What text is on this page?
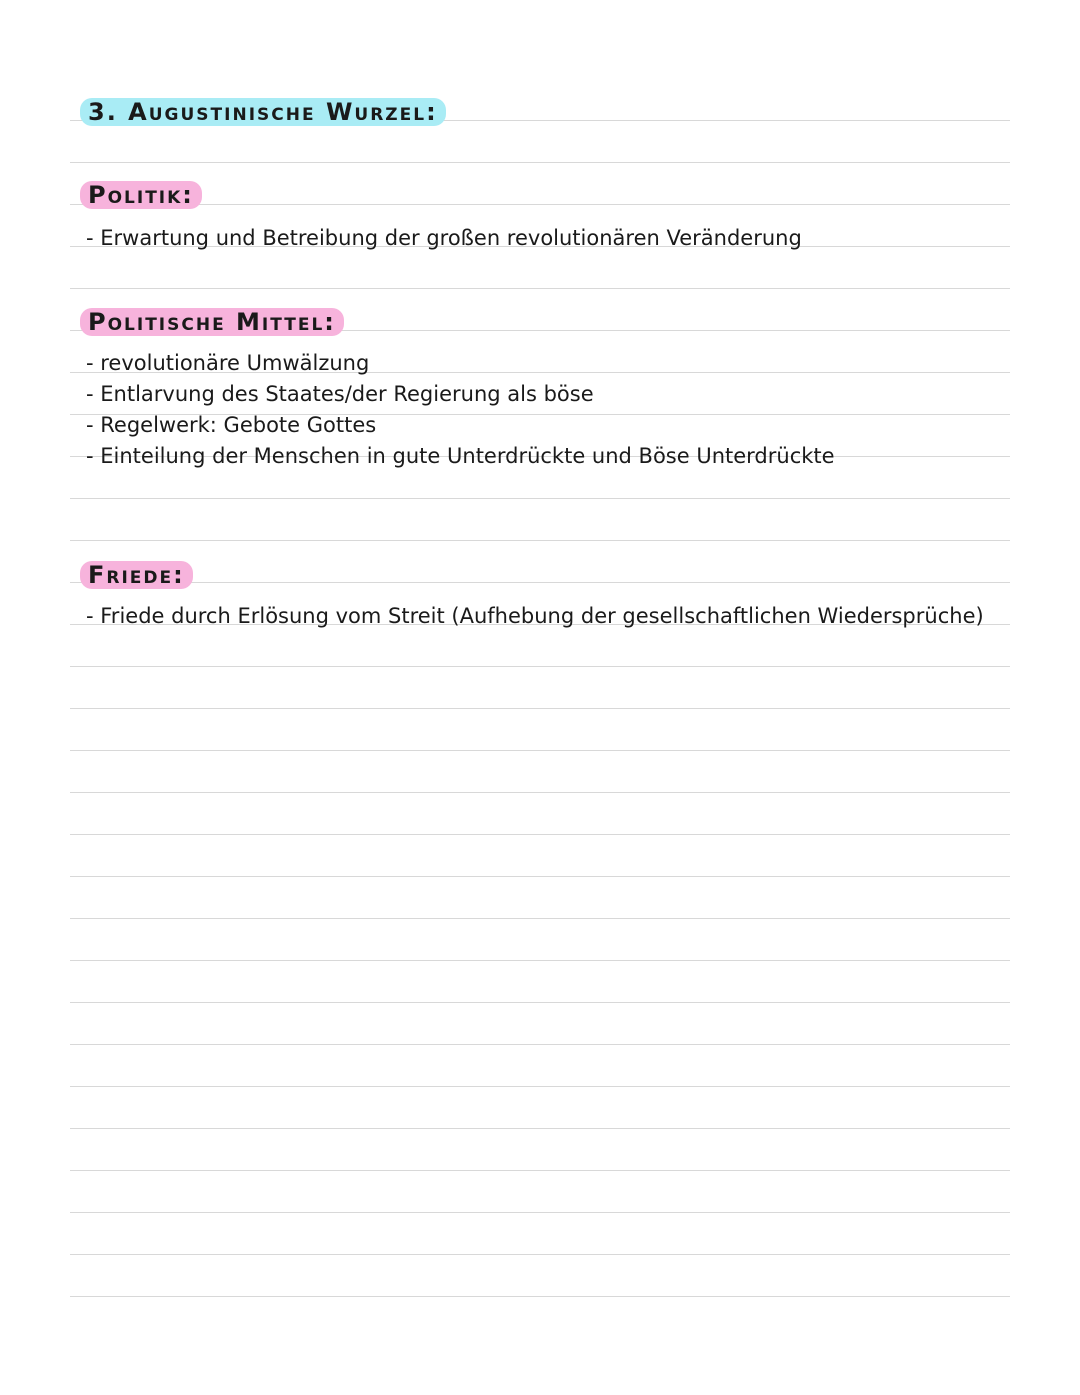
3. Augustinische Wurzel:
Politik:
- Erwartung und Betreibung der großen revolutionären Veränderung
Politische Mittel:
- revolutionäre Umwälzung
- Entlarvung des Staates/der Regierung als böse
- Regelwerk: Gebote Gottes
- Einteilung der Menschen in gute Unterdrückte und Böse Unterdrückte
Friede:
- Friede durch Erlösung vom Streit (Aufhebung der gesellschaftlichen Wiedersprüche)
